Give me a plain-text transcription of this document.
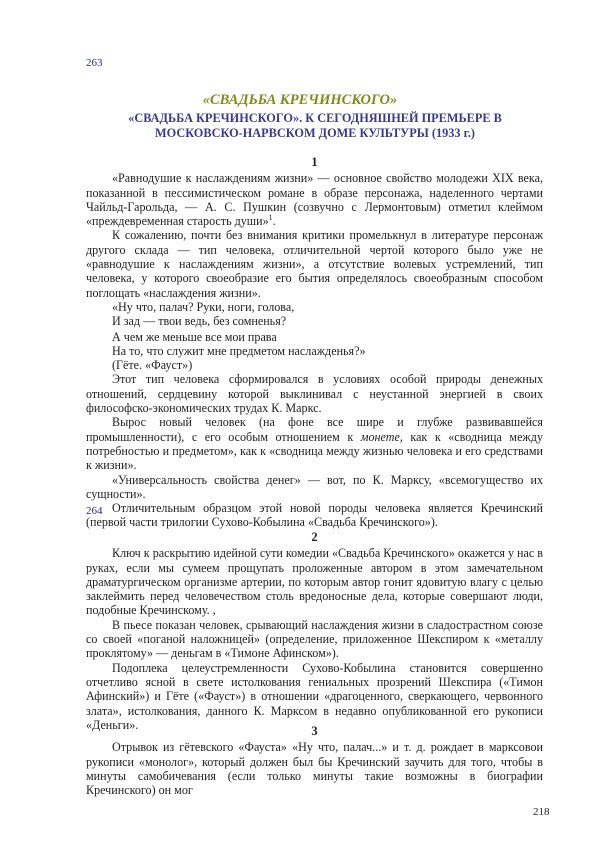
263
«СВАДЬБА КРЕЧИНСКОГО»
«СВАДЬБА КРЕЧИНСКОГО». К СЕГОДНЯШНЕЙ ПРЕМЬЕРЕ В
МОСКОВСКО-НАРВСКОМ ДОМЕ КУЛЬТУРЫ (1933 г.)
1

«Равнодушие к наслаждениям жизни» — основное свойство молодежи XIX века, показанной в пессимистическом романе в образе персонажа, наделенного чертами Чайльд-Гарольда, — А. С. Пушкин (созвучно с Лермонтовым) отметил клеймом «преждевременная старость души»$^1$.

К сожалению, почти без внимания критики промелькнул в литературе персонаж другого склада — тип человека, отличительной чертой которого было уже не «равнодушие к наслаждениям жизни», а отсутствие волевых устремлений, тип человека, у которого своеобразие его бытия определялось своеобразным способом поглощать «наслаждения жизни».

«Ну что, палач? Руки, ноги, голова,

И зад — твои ведь, без сомненья?

А чем же меньше все мои права

На то, что служит мне предметом наслажденья?»

(Гёте. «Фауст»)

Этот тип человека сформировался в условиях особой природы денежных отношений, сердцевину которой выклинивал с неустанной энергией в своих философско-экономических трудах К. Маркс.

Вырос новый человек (на фоне все шире и глубже развивавшейся промышленности), с его особым отношением к монете, как к «сводница между потребностью и предметом», как к «сводница между жизнью человека и его средствами к жизни».

«Универсальность свойства денег» — вот, по К. Марксу, «всемогущество их сущности».

Отличительным образцом этой новой породы человека является Кречинский (первой части трилогии Сухово-Кобылина «Свадьба Кречинского»).

264
2

Ключ к раскрытию идейной сути комедии «Свадьба Кречинского» окажется у нас в руках, если мы сумеем прощупать проложенные автором в этом замечательном драматургическом организме артерии, по которым автор гонит ядовитую влагу с целью заклеймить перед человечеством столь вредоносные дела, которые совершают люди, подобные Кречинскому. ,

В пьесе показан человек, срывающий наслаждения жизни в сладострастном союзе со своей «поганой наложницей» (определение, приложенное Шекспиром к «металлу проклятому» — деньгам в «Тимоне Афинском»).

Подоплека целеустремленности Сухово-Кобылина становится совершенно отчетливо ясной в свете истолкования гениальных прозрений Шекспира («Тимон Афинский») и Гёте («Фауст») в отношении «драгоценного, сверкающего, червонного злата», истолкования, данного К. Марксом в недавно опубликованной его рукописи «Деньги».	3

Отрывок из гётевского «Фауста» «Ну что, палач...» и т. д. рождает в марксовои рукописи «монолог», который должен был бы Кречинский заучить для того, чтобы в минуты самобичевания (если только минуты такие возможны в биографии Кречинского) он мог

218
